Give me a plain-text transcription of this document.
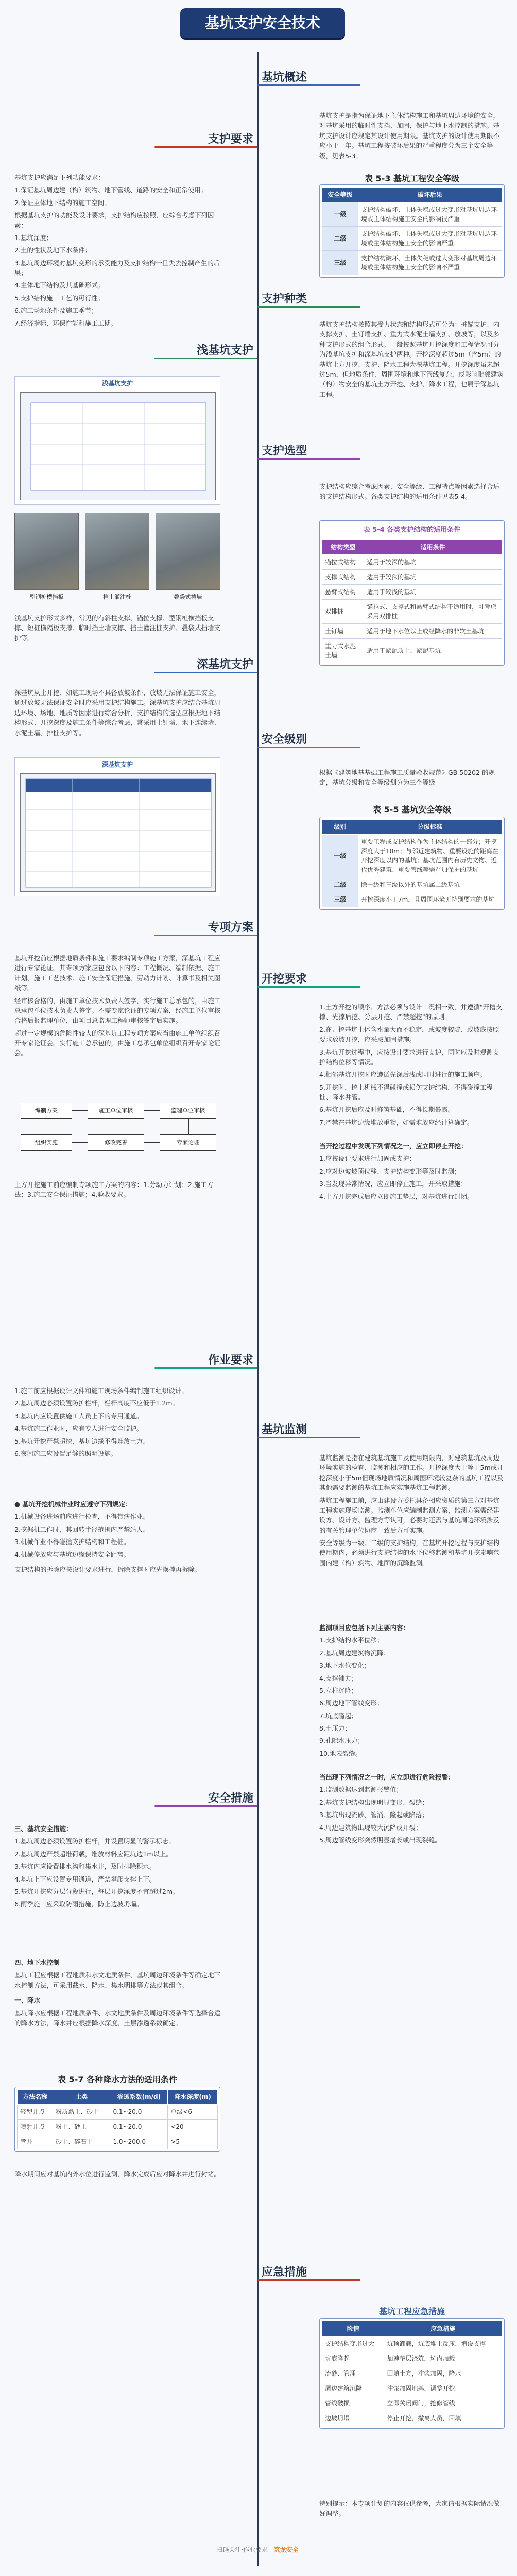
基坑支护安全技术
基坑概述

基坑支护是指为保证地下主体结构施工和基坑周边环境的安全，对基坑采用的临时性支挡、加固、保护与地下水控制的措施。基坑支护设计应规定其设计使用期限。基坑支护的设计使用期限不应小于一年。基坑工程按破坏后果的严重程度分为三个安全等级，见表5-3。

表 5-3 基坑工程安全等级
安全等级	破坏后果
一级	支护结构破坏、土体失稳或过大变形对基坑周边环境或主体结构施工安全的影响很严重
二级	支护结构破坏、土体失稳或过大变形对基坑周边环境或主体结构施工安全的影响严重
三级	支护结构破坏、土体失稳或过大变形对基坑周边环境或主体结构施工安全的影响不严重
支护种类

基坑支护结构按照其受力状态和结构形式可分为：桩锚支护、内支撑支护、土钉墙支护、重力式水泥土墙支护、放坡等，以及多种支护形式的组合形式。一般按照基坑开挖深度和工程情况可分为浅基坑支护和深基坑支护两种。开挖深度超过5m（含5m）的基坑土方开挖、支护、降水工程为深基坑工程。开挖深度虽未超过5m，但地质条件、周围环境和地下管线复杂，或影响毗邻建筑（构）物安全的基坑土方开挖、支护、降水工程，也属于深基坑工程。

支护选型

支护结构应综合考虑因素、安全等级、工程特点等因素选择合适的支护结构形式。各类支护结构的适用条件见表5-4。

表 5-4 各类支护结构的适用条件
结构类型	适用条件
锚拉式结构	适用于较深的基坑
支撑式结构	适用于较深的基坑
悬臂式结构	适用于较浅的基坑
双排桩	锚拉式、支撑式和悬臂式结构不适用时，可考虑采用双排桩
土钉墙	适用于地下水位以上或经降水的非软土基坑
重力式水泥土墙	适用于淤泥质土、淤泥基坑
安全级别

根据《建筑地基基础工程施工质量验收规范》GB 50202 的规定，基坑分级和安全等级划分为三个等级

表 5-5 基坑安全等级
级别	分级标准
一级	重要工程或支护结构作为主体结构的一部分；开挖深度大于10m；与邻近建筑物、重要设施的距离在开挖深度以内的基坑；基坑范围内有历史文物、近代优秀建筑、重要管线等需严加保护的基坑
二级	除一级和三级以外的基坑属二级基坑
三级	开挖深度小于7m，且周围环境无特别要求的基坑
开挖要求

1.土方开挖的顺序、方法必须与设计工况相一致，并遵循"开槽支撑、先撑后挖、分层开挖、严禁超挖"的原则。

2.在开挖基坑土体含水量大而不稳定，或坡度较陡、或坡底按照要求放坡开挖，应采取加固措施。

3.基坑开挖过程中，应按设计要求进行支护，同时应及时观测支护结构位移等情况。

4.相邻基坑开挖时应遵循先深后浅或同时进行的施工顺序。

5.开挖时，挖土机械不得碰撞或损伤支护结构，不得碰撞工程桩、降水井管。

6.基坑开挖后应及时修筑基础，不得长期暴露。

7.严禁在基坑边缘堆放重物，如需堆放应经计算确定。

当开挖过程中发现下列情况之一，应立即停止开挖：

1.应按设计要求进行加固或支护；

2.应对边坡坡顶位移、支护结构变形等及时监测；

3.当发现异常情况，应立即停止施工，并采取措施；

4.土方开挖完成后应立即施工垫层，对基坑进行封闭。

基坑监测

基坑监测是指在建筑基坑施工及使用期限内，对建筑基坑及周边环境实施的检查、监测和相应的工作。开挖深度大于等于5m或开挖深度小于5m但现场地质情况和周围环境较复杂的基坑工程以及其他需要监测的基坑工程应实施基坑工程监测。

基坑工程施工前，应由建设方委托具备相应资质的第三方对基坑工程实施现场监测。监测单位应编制监测方案，监测方案需经建设方、设计方、监理方等认可，必要时还需与基坑周边环境涉及的有关管理单位协商一致后方可实施。

安全等级为一级、二级的支护结构，在基坑开挖过程与支护结构使用期内，必须进行支护结构的水平位移监测和基坑开挖影响范围内建（构）筑物、地面的沉降监测。

监测项目应包括下列主要内容：

1.支护结构水平位移；

2.基坑周边建筑物沉降；

3.地下水位变化；

4.支撑轴力；

5.立柱沉降；

6.周边地下管线变形；

7.坑底隆起；

8.土压力；

9.孔隙水压力；

10.地表裂缝。

当出现下列情况之一时，应立即进行危险报警：

1.监测数据达到监测报警值；

2.基坑支护结构出现明显变形、裂缝；

3.基坑出现流砂、管涌、隆起或陷落；

4.周边建筑物出现较大沉降或开裂；

5.周边管线变形突然明显增长或出现裂缝。

应急措施
基坑工程应急措施
险情	应急措施
支护结构变形过大	坑顶卸载，坑底堆土反压，增设支撑
坑底隆起	加速垫层浇筑，坑内加载
流砂、管涌	回填土方，注浆加固，降水
周边建筑沉降	注浆加固地基，调整开挖
管线破损	立即关闭阀门，抢修管线
边坡坍塌	停止开挖，撤离人员，回填

特别提示：本专项计划的内容仅供参考，大家请根据实际情况做好调整。

支护要求

基坑支护应满足下列功能要求：

1.保证基坑周边建（构）筑物、地下管线、道路的安全和正常使用；

2.保证主体地下结构的施工空间。

根据基坑支护的功能及设计要求，支护结构应按照，应综合考虑下列因素：

1.基坑深度；

2.土的性状及地下水条件；

3.基坑周边环境对基坑变形的承受能力及支护结构一旦失去控制产生的后果；

4.主体地下结构及其基础形式；

5.支护结构施工工艺的可行性；

6.施工场地条件及施工季节；

7.经济指标、环保性能和施工工期。

浅基坑支护
浅基坑支护
型钢桩横挡板	挡土灌注桩	叠袋式挡墙

浅基坑支护形式多样，常见的有斜柱支撑、锚拉支撑、型钢桩横挡板支撑、短桩横隔板支撑、临时挡土墙支撑、挡土灌注桩支护、叠袋式挡墙支护等。

深基坑支护

深基坑从土开挖、如施工现场不具备放坡条件，放坡无法保证施工安全，通过放坡无法保证安全时应采用支护结构施工。深基坑支护应结合基坑周边环境、场地、地质等因素进行综合分析，支护结构的选型应根据地下结构形式、开挖深度及施工条件等综合考虑，常采用土钉墙、地下连续墙、水泥土墙、排桩支护等。

深基坑支护
专项方案

基坑开挖前应根据地质条件和施工要求编制专项施工方案，深基坑工程应进行专家论证。其专项方案应包含以下内容：工程概况、编制依据、施工计划、施工工艺技术、施工安全保证措施、劳动力计划、计算书及相关图纸等。

经审核合格的，由施工单位技术负责人签字，实行施工总承包的，由施工总承包单位技术负责人签字。不需专家论证的专项方案，经施工单位审核合格后报监理单位，由项目总监理工程师审核签字后实施。

超过一定规模的危险性较大的深基坑工程专项方案应当由施工单位组织召开专家论证会。实行施工总承包的，由施工总承包单位组织召开专家论证会。

编制方案	施工单位审核	监理单位审核
专家论证
修改完善
组织实施

土方开挖施工前应编制专项施工方案的内容：1.劳动力计划；2.施工方法；3.施工安全保证措施；4.验收要求。

作业要求

1.施工前应根据设计文件和施工现场条件编制施工组织设计。

2.基坑周边必须设置防护栏杆，栏杆高度不应低于1.2m。

3.基坑内应设置供施工人员上下的专用通道。

4.基坑施工作业时，应有专人进行安全监护。

5.基坑开挖严禁超挖，基坑边缘不得堆放土方。

6.夜间施工应设置足够的照明设施。

● 基坑开挖机械作业时应遵守下列规定：

1.机械设备进场前应进行检查，不得带病作业。

2.挖掘机工作时，其回转半径范围内严禁站人。

3.机械作业不得碰撞支护结构和工程桩。

4.机械停放应与基坑边缘保持安全距离。

支护结构的拆除应按设计要求进行，拆除支撑时应先换撑再拆除。

安全措施

三、基坑安全措施：

1.基坑周边必须设置防护栏杆，并设置明显的警示标志。

2.基坑周边严禁超堆荷载，堆放材料应距坑边1m以上。

3.基坑内应设置排水沟和集水井，及时排除积水。

4.基坑上下应设置专用通道，严禁攀爬支撑上下。

5.基坑开挖应分层分段进行，每层开挖深度不宜超过2m。

6.雨季施工应采取防雨措施，防止边坡坍塌。

四、地下水控制

基坑工程应根据工程地质和水文地质条件、基坑周边环境条件等确定地下水控制方法，可采用截水、降水、集水明排等方法或其组合。

一、降水

基坑降水应根据工程地质条件、水文地质条件及周边环境条件等选择合适的降水方法，降水井应根据降水深度、土层渗透系数确定。

表 5-7 各种降水方法的适用条件
方法名称	土类	渗透系数(m/d)	降水深度(m)
轻型井点	粉质黏土、砂土	0.1~20.0	单级<6
喷射井点	粉土、砂土	0.1~20.0	<20
管井	砂土、碎石土	1.0~200.0	>5

降水期间应对基坑内外水位进行监测，降水完成后应对降水井进行封堵。

扫码关注·作业要求 筑龙安全
